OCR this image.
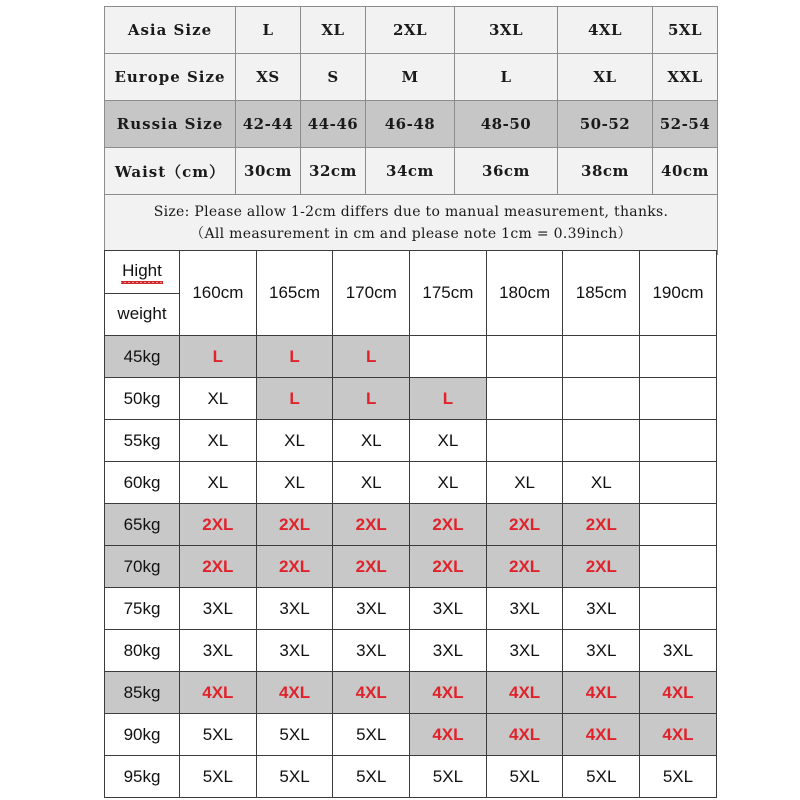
Asia Size	L	XL	2XL	3XL	4XL	5XL
Europe Size	XS	S	M	L	XL	XXL
Russia Size	42-44	44-46	46-48	48-50	50-52	52-54
Waist（cm）	30cm	32cm	34cm	36cm	38cm	40cm

Size: Please allow 1-2cm differs due to manual measurement, thanks.
（All measurement in cm and please note 1cm = 0.39inch）						
Hight
weight	160cm	165cm	170cm	175cm	180cm	185cm	190cm
45kg	L	L	L				
50kg	XL	L	L	L			
55kg	XL	XL	XL	XL			
60kg	XL	XL	XL	XL	XL	XL	
65kg	2XL	2XL	2XL	2XL	2XL	2XL	
70kg	2XL	2XL	2XL	2XL	2XL	2XL	
75kg	3XL	3XL	3XL	3XL	3XL	3XL	
80kg	3XL	3XL	3XL	3XL	3XL	3XL	3XL
85kg	4XL	4XL	4XL	4XL	4XL	4XL	4XL
90kg	5XL	5XL	5XL	4XL	4XL	4XL	4XL
95kg	5XL	5XL	5XL	5XL	5XL	5XL	5XL
